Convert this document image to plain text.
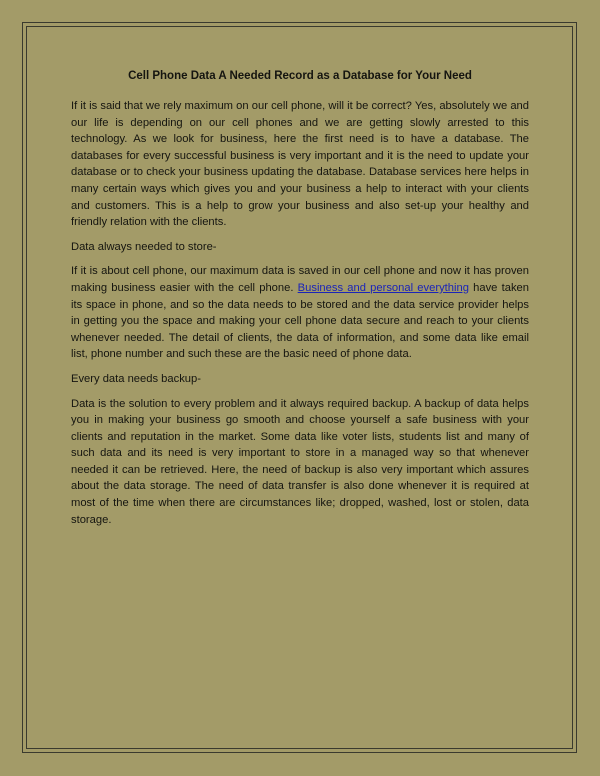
Cell Phone Data A Needed Record as a Database for Your Need

If it is said that we rely maximum on our cell phone, will it be correct? Yes, absolutely we and our life is depending on our cell phones and we are getting slowly arrested to this technology. As we look for business, here the first need is to have a database. The databases for every successful business is very important and it is the need to update your database or to check your business updating the database. Database services here helps in many certain ways which gives you and your business a help to interact with your clients and customers. This is a help to grow your business and also set-up your healthy and friendly relation with the clients.

Data always needed to store-

If it is about cell phone, our maximum data is saved in our cell phone and now it has proven making business easier with the cell phone. Business and personal everything have taken its space in phone, and so the data needs to be stored and the data service provider helps in getting you the space and making your cell phone data secure and reach to your clients whenever needed. The detail of clients, the data of information, and some data like email list, phone number and such these are the basic need of phone data.

Every data needs backup-

Data is the solution to every problem and it always required backup. A backup of data helps you in making your business go smooth and choose yourself a safe business with your clients and reputation in the market. Some data like voter lists, students list and many of such data and its need is very important to store in a managed way so that whenever needed it can be retrieved. Here, the need of backup is also very important which assures about the data storage. The need of data transfer is also done whenever it is required at most of the time when there are circumstances like; dropped, washed, lost or stolen, data storage.
